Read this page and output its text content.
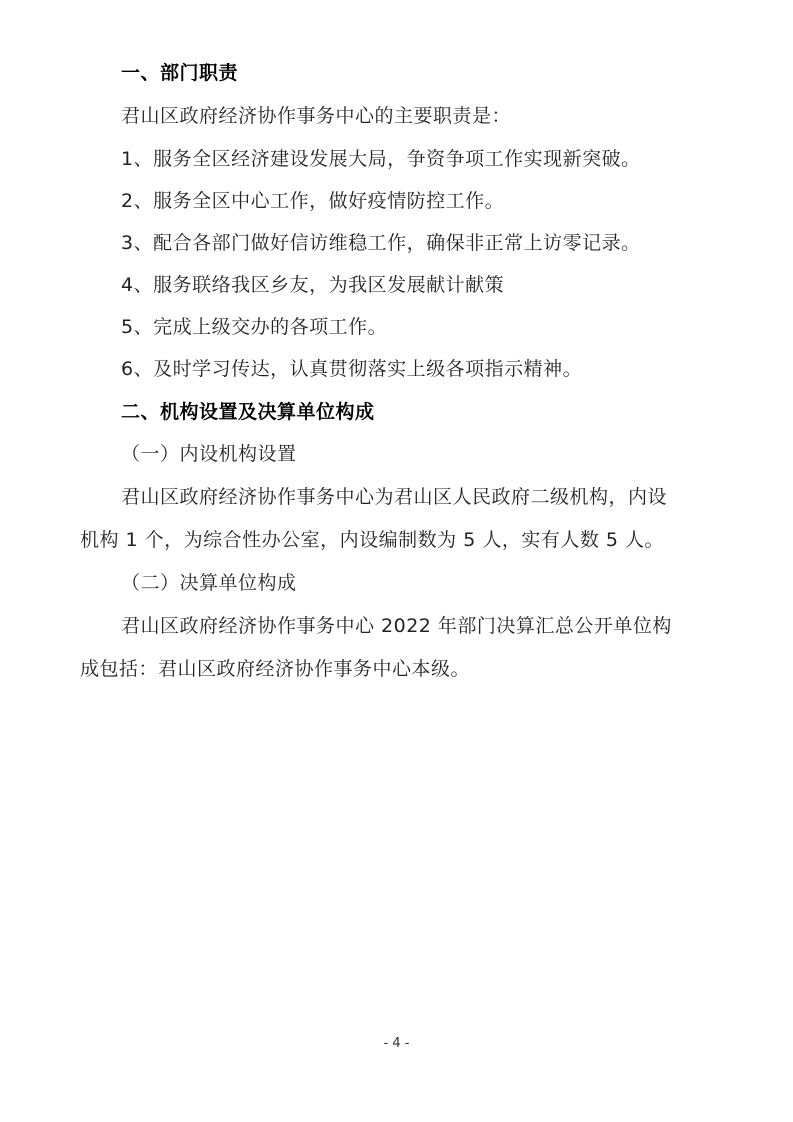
一、部门职责
君山区政府经济协作事务中心的主要职责是：
1、服务全区经济建设发展大局，争资争项工作实现新突破。
2、服务全区中心工作，做好疫情防控工作。
3、配合各部门做好信访维稳工作，确保非正常上访零记录。
4、服务联络我区乡友，为我区发展献计献策
5、完成上级交办的各项工作。
6、及时学习传达，认真贯彻落实上级各项指示精神。
二、机构设置及决算单位构成
（一）内设机构设置
君山区政府经济协作事务中心为君山区人民政府二级机构，内设
机构 1 个，为综合性办公室，内设编制数为 5 人，实有人数 5 人。
（二）决算单位构成
君山区政府经济协作事务中心 2022 年部门决算汇总公开单位构
成包括：君山区政府经济协作事务中心本级。
- 4 -
